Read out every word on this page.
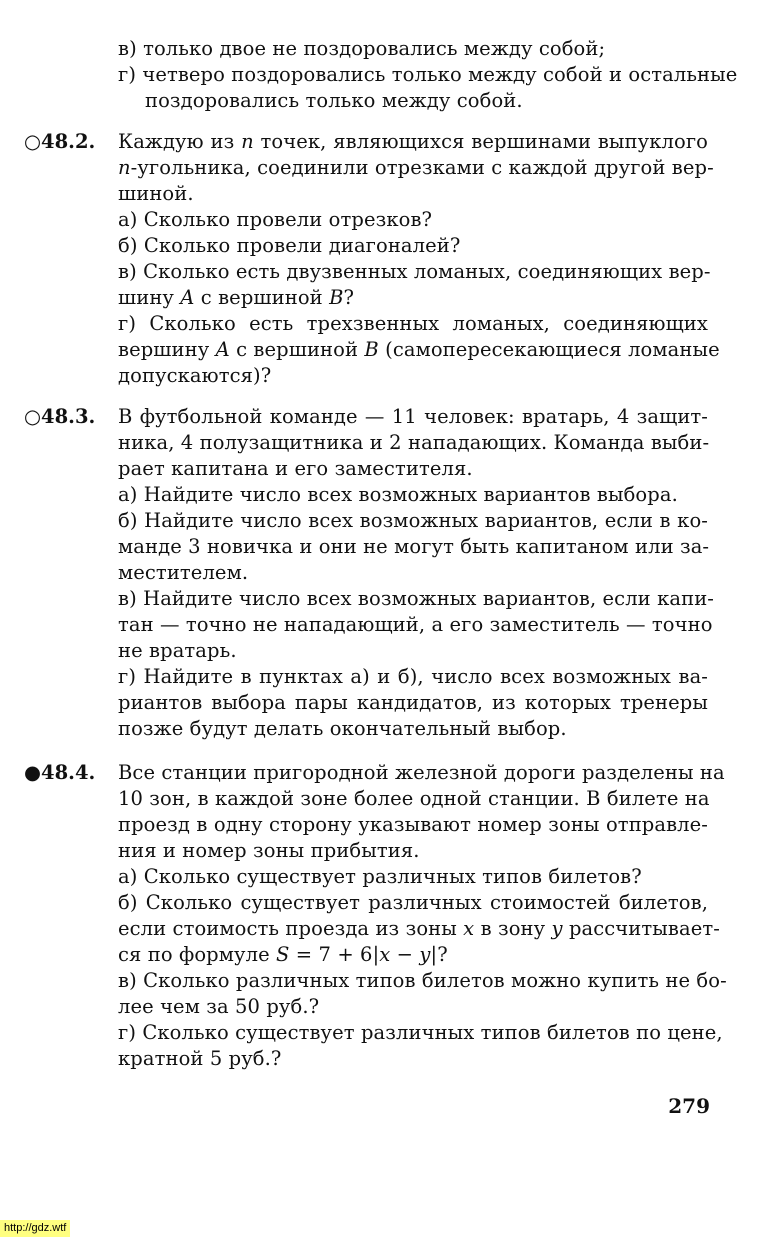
в) только двое не поздоровались между собой;
г) четверо поздоровались только между собой и остальные
поздоровались только между собой.
○48.2. Каждую из n точек, являющихся вершинами выпуклого
n-угольника, соединили отрезками с каждой другой вер-
шиной.
а) Сколько провели отрезков?
б) Сколько провели диагоналей?
в) Сколько есть двузвенных ломаных, соединяющих вер-
шину A с вершиной B?
г) Сколько есть трехзвенных ломаных, соединяющих
вершину A с вершиной B (самопересекающиеся ломаные
допускаются)?
○48.3. В футбольной команде — 11 человек: вратарь, 4 защит-
ника, 4 полузащитника и 2 нападающих. Команда выби-
рает капитана и его заместителя.
а) Найдите число всех возможных вариантов выбора.
б) Найдите число всех возможных вариантов, если в ко-
манде 3 новичка и они не могут быть капитаном или за-
местителем.
в) Найдите число всех возможных вариантов, если капи-
тан — точно не нападающий, а его заместитель — точно
не вратарь.
г) Найдите в пунктах а) и б), число всех возможных ва-
риантов выбора пары кандидатов, из которых тренеры
позже будут делать окончательный выбор.
●48.4. Все станции пригородной железной дороги разделены на
10 зон, в каждой зоне более одной станции. В билете на
проезд в одну сторону указывают номер зоны отправле-
ния и номер зоны прибытия.
а) Сколько существует различных типов билетов?
б) Сколько существует различных стоимостей билетов,
если стоимость проезда из зоны x в зону y рассчитывает-
ся по формуле S = 7 + 6|x − y|?
в) Сколько различных типов билетов можно купить не бо-
лее чем за 50 руб.?
г) Сколько существует различных типов билетов по цене,
кратной 5 руб.?
279
http://gdz.wtf
